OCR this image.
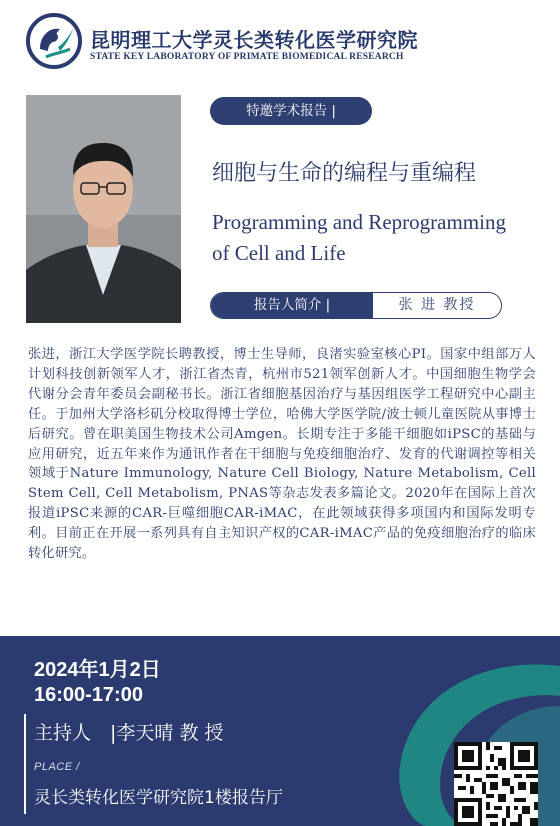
昆明理工大学灵长类转化医学研究院
STATE KEY LABORATORY OF PRIMATE BIOMEDICAL RESEARCH
特邀学术报告 |
细胞与生命的编程与重编程
Programming and Reprogramming
of Cell and Life
报告人简介 |	张 进 教授

张进，浙江大学医学院长聘教授，博士生导师，良渚实验室核心PI。国家中组部万人计划科技创新领军人才，浙江省杰青，杭州市521领军创新人才。中国细胞生物学会代谢分会青年委员会副秘书长。浙江省细胞基因治疗与基因组医学工程研究中心副主任。于加州大学洛杉矶分校取得博士学位，哈佛大学医学院/波士顿儿童医院从事博士后研究。曾在职美国生物技术公司Amgen。长期专注于多能干细胞如iPSC的基础与应用研究，近五年来作为通讯作者在干细胞与免疫细胞治疗、发育的代谢调控等相关领域于Nature Immunology, Nature Cell Biology, Nature Metabolism, Cell Stem Cell, Cell Metabolism, PNAS等杂志发表多篇论文。2020年在国际上首次报道iPSC来源的CAR-巨噬细胞CAR-iMAC，在此领域获得多项国内和国际发明专利。目前正在开展一系列具有自主知识产权的CAR-iMAC产品的免疫细胞治疗的临床转化研究。

2024年1月2日
16:00-17:00
主持人　|李天晴 教 授
PLACE /
灵长类转化医学研究院1楼报告厅
